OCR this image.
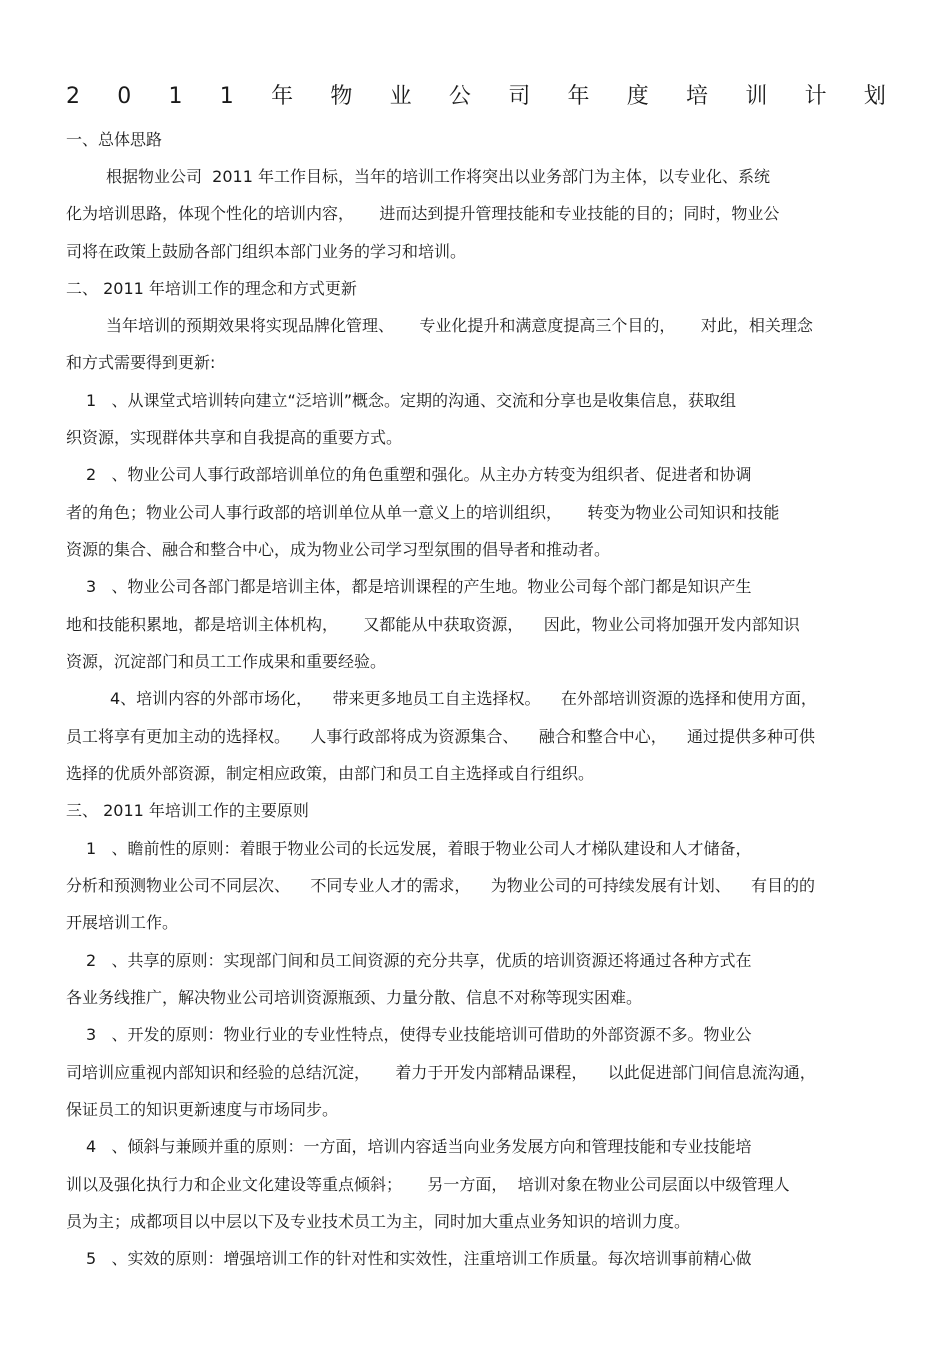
2 0 1 1 年 物 业 公 司 年 度 培 训 计 划
一、总体思路
根据物业公司  2011 年工作目标，当年的培训工作将突出以业务部门为主体，以专业化、系统
化为培训思路，体现个性化的培训内容，     进而达到提升管理技能和专业技能的目的；同时，物业公
司将在政策上鼓励各部门组织本部门业务的学习和培训。
二、 2011 年培训工作的理念和方式更新
当年培训的预期效果将实现品牌化管理、     专业化提升和满意度提高三个目的，     对此，相关理念
和方式需要得到更新:
1   、从课堂式培训转向建立“泛培训”概念。定期的沟通、交流和分享也是收集信息，获取组
织资源，实现群体共享和自我提高的重要方式。
2   、物业公司人事行政部培训单位的角色重塑和强化。从主办方转变为组织者、促进者和协调
者的角色；物业公司人事行政部的培训单位从单一意义上的培训组织，     转变为物业公司知识和技能
资源的集合、融合和整合中心，成为物业公司学习型氛围的倡导者和推动者。
3   、物业公司各部门都是培训主体，都是培训课程的产生地。物业公司每个部门都是知识产生
地和技能积累地，都是培训主体机构，     又都能从中获取资源，    因此，物业公司将加强开发内部知识
资源，沉淀部门和员工工作成果和重要经验。
4、培训内容的外部市场化，    带来更多地员工自主选择权。    在外部培训资源的选择和使用方面，
员工将享有更加主动的选择权。    人事行政部将成为资源集合、    融合和整合中心，    通过提供多种可供
选择的优质外部资源，制定相应政策，由部门和员工自主选择或自行组织。
三、 2011 年培训工作的主要原则
1   、瞻前性的原则：着眼于物业公司的长远发展，着眼于物业公司人才梯队建设和人才储备，
分析和预测物业公司不同层次、    不同专业人才的需求，    为物业公司的可持续发展有计划、    有目的的
开展培训工作。
2   、共享的原则：实现部门间和员工间资源的充分共享，优质的培训资源还将通过各种方式在
各业务线推广，解决物业公司培训资源瓶颈、力量分散、信息不对称等现实困难。
3   、开发的原则：物业行业的专业性特点，使得专业技能培训可借助的外部资源不多。物业公
司培训应重视内部知识和经验的总结沉淀，     着力于开发内部精品课程，    以此促进部门间信息流沟通，
保证员工的知识更新速度与市场同步。
4   、倾斜与兼顾并重的原则：一方面，培训内容适当向业务发展方向和管理技能和专业技能培
训以及强化执行力和企业文化建设等重点倾斜；     另一方面，  培训对象在物业公司层面以中级管理人
员为主；成都项目以中层以下及专业技术员工为主，同时加大重点业务知识的培训力度。
5   、实效的原则：增强培训工作的针对性和实效性，注重培训工作质量。每次培训事前精心做
